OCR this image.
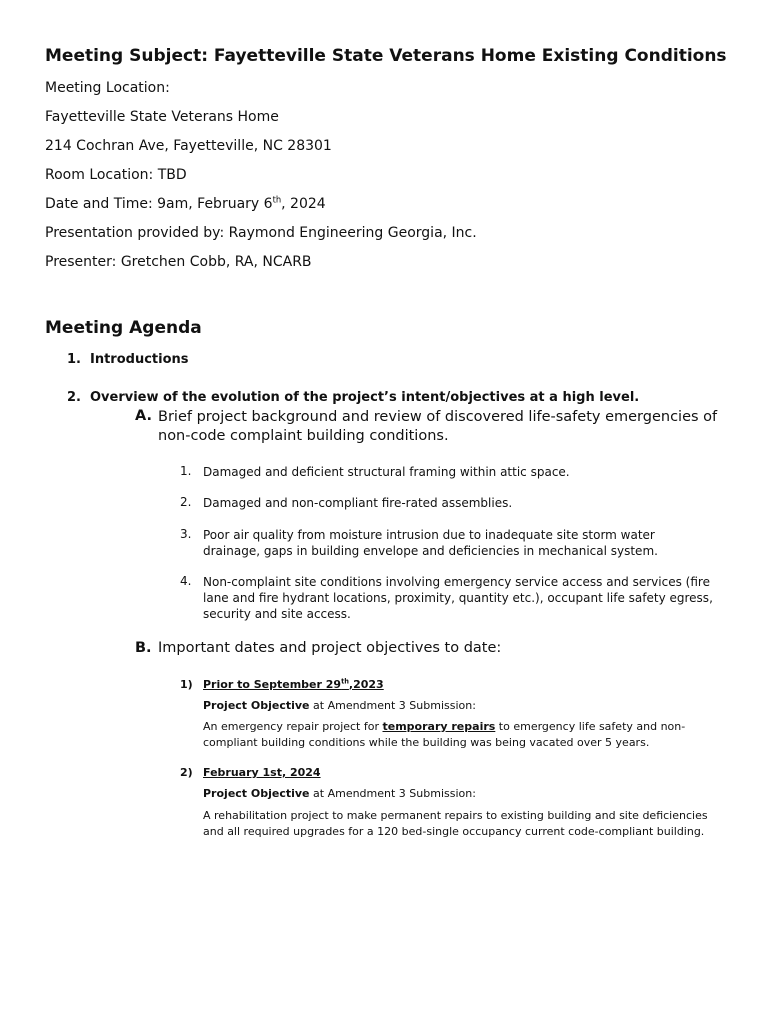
Meeting Subject: Fayetteville State Veterans Home Existing Conditions
Meeting Location:
Fayetteville State Veterans Home
214 Cochran Ave, Fayetteville, NC 28301
Room Location: TBD
Date and Time: 9am, February 6th, 2024
Presentation provided by: Raymond Engineering Georgia, Inc.
Presenter: Gretchen Cobb, RA, NCARB
Meeting Agenda
1. Introductions
2. Overview of the evolution of the project’s intent/objectives at a high level.
A. Brief project background and review of discovered life-safety emergencies of non-code complaint building conditions.
1. Damaged and deficient structural framing within attic space.
2. Damaged and non-compliant fire-rated assemblies.
3. Poor air quality from moisture intrusion due to inadequate site storm water drainage, gaps in building envelope and deficiencies in mechanical system.
4. Non-complaint site conditions involving emergency service access and services (fire lane and fire hydrant locations, proximity, quantity etc.), occupant life safety egress, security and site access.
B. Important dates and project objectives to date:
1) Prior to September 29th,2023
Project Objective at Amendment 3 Submission:
An emergency repair project for temporary repairs to emergency life safety and non-compliant building conditions while the building was being vacated over 5 years.
2) February 1st, 2024
Project Objective at Amendment 3 Submission:
A rehabilitation project to make permanent repairs to existing building and site deficiencies and all required upgrades for a 120 bed-single occupancy current code-compliant building.
